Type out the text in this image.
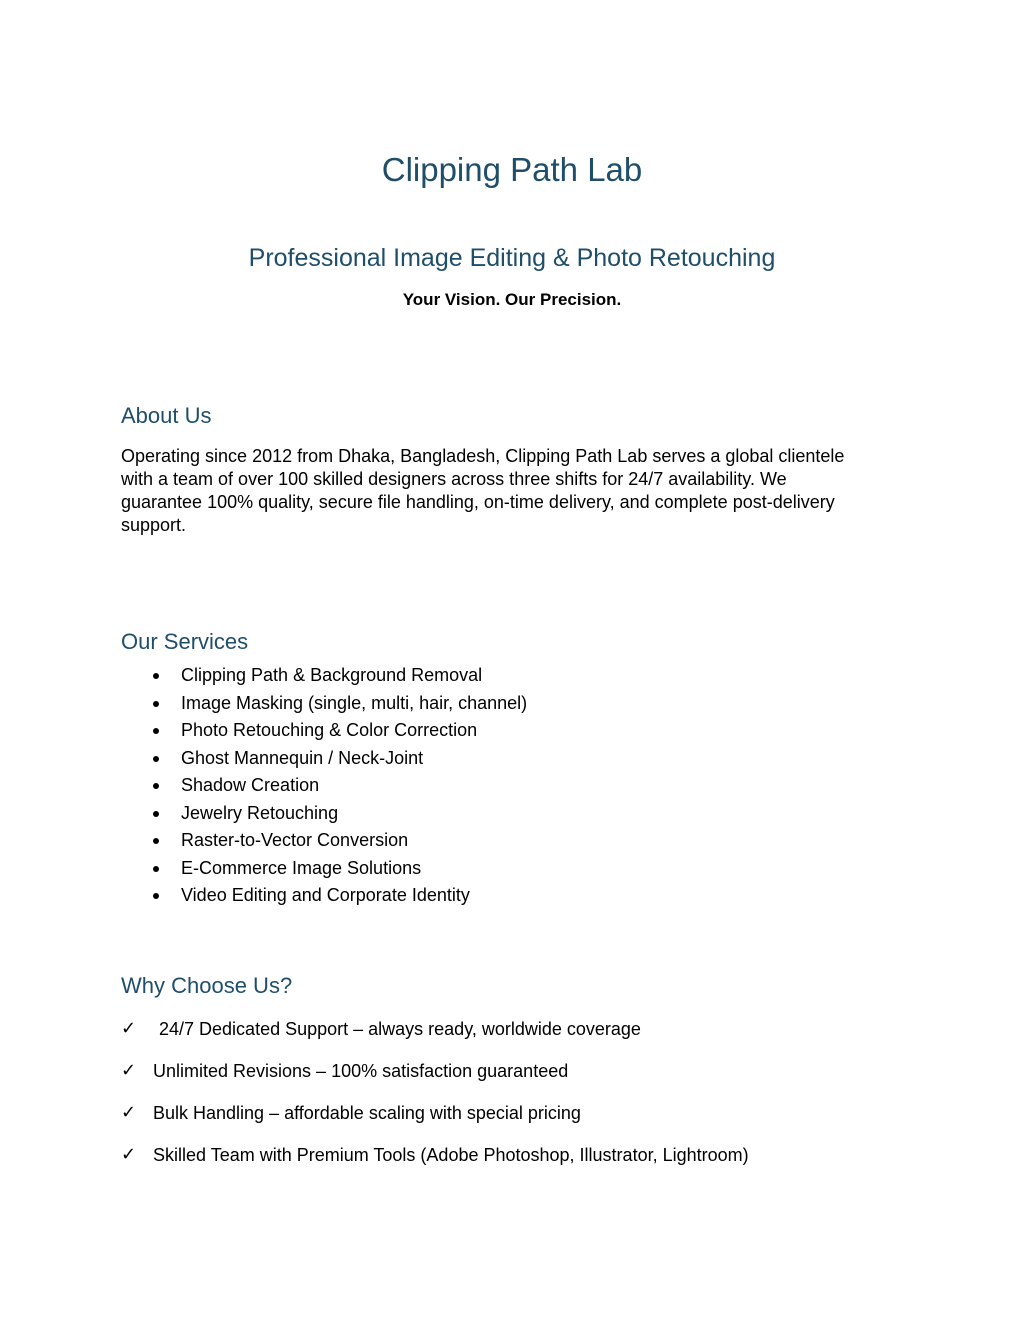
Clipping Path Lab
Professional Image Editing & Photo Retouching
Your Vision. Our Precision.
About Us
Operating since 2012 from Dhaka, Bangladesh, Clipping Path Lab serves a global clientele with a team of over 100 skilled designers across three shifts for 24/7 availability. We guarantee 100% quality, secure file handling, on-time delivery, and complete post-delivery support.
Our Services
Clipping Path & Background Removal
Image Masking (single, multi, hair, channel)
Photo Retouching & Color Correction
Ghost Mannequin / Neck-Joint
Shadow Creation
Jewelry Retouching
Raster-to-Vector Conversion
E-Commerce Image Solutions
Video Editing and Corporate Identity
Why Choose Us?
✓ 24/7 Dedicated Support – always ready, worldwide coverage
✓ Unlimited Revisions – 100% satisfaction guaranteed
✓ Bulk Handling – affordable scaling with special pricing
✓ Skilled Team with Premium Tools (Adobe Photoshop, Illustrator, Lightroom)
